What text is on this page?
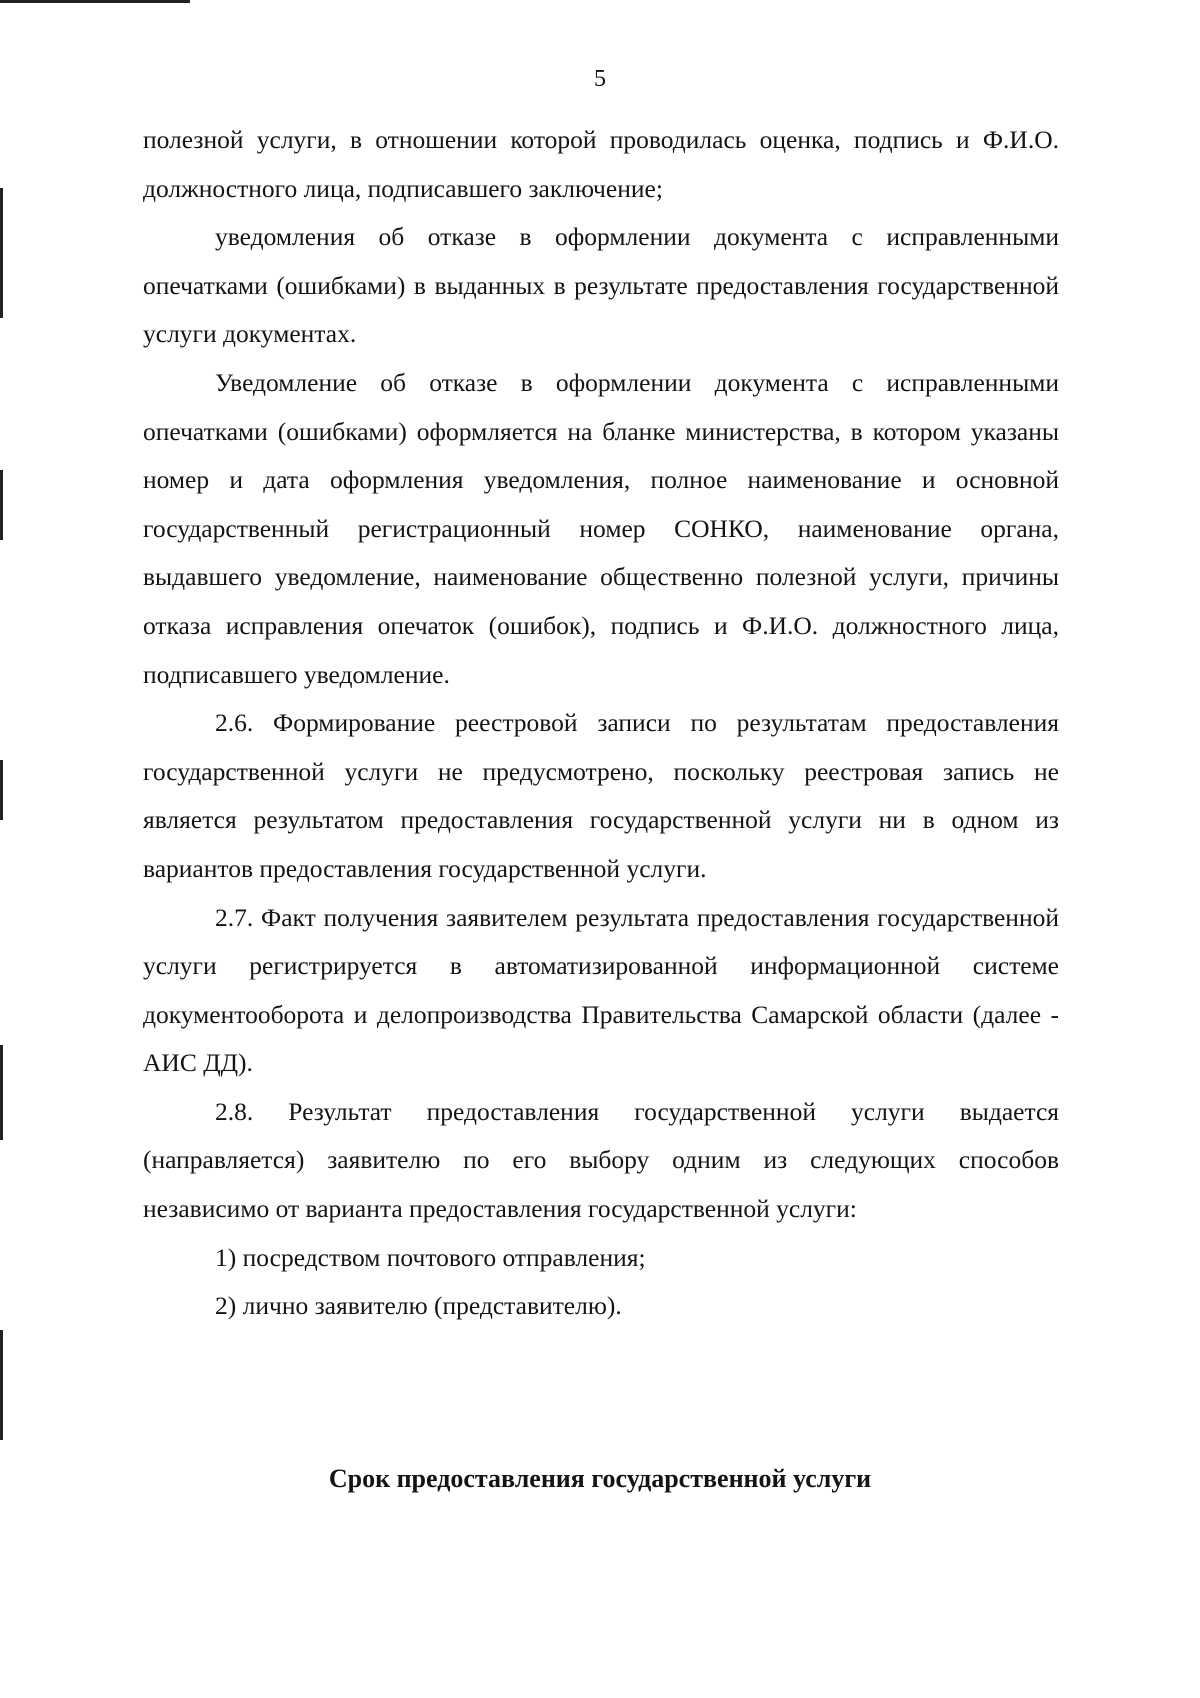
5

полезной услуги, в отношении которой проводилась оценка, подпись и Ф.И.О. должностного лица, подписавшего заключение;

уведомления об отказе в оформлении документа с исправленными опечатками (ошибками) в выданных в результате предоставления государственной услуги документах.

Уведомление об отказе в оформлении документа с исправленными опечатками (ошибками) оформляется на бланке министерства, в котором указаны номер и дата оформления уведомления, полное наименование и основной государственный регистрационный номер СОНКО, наименование органа, выдавшего уведомление, наименование общественно полезной услуги, причины отказа исправления опечаток (ошибок), подпись и Ф.И.О. должностного лица, подписавшего уведомление.

2.6. Формирование реестровой записи по результатам предоставления государственной услуги не предусмотрено, поскольку реестровая запись не является результатом предоставления государственной услуги ни в одном из вариантов предоставления государственной услуги.

2.7. Факт получения заявителем результата предоставления государственной услуги регистрируется в автоматизированной информационной системе документооборота и делопроизводства Правительства Самарской области (далее - АИС ДД).

2.8. Результат предоставления государственной услуги выдается (направляется) заявителю по его выбору одним из следующих способов независимо от варианта предоставления государственной услуги:

1) посредством почтового отправления;

2) лично заявителю (представителю).

Срок предоставления государственной услуги
